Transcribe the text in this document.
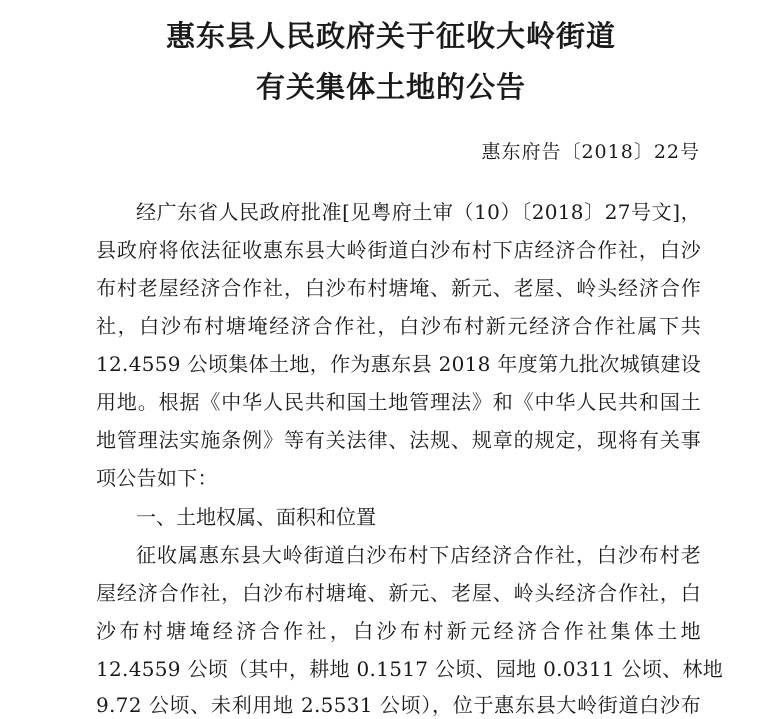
惠东县人民政府关于征收大岭街道
有关集体土地的公告
惠东府告〔2018〕22号
经广东省人民政府批准[见粤府土审（10）〔2018〕27号文]，
县政府将依法征收惠东县大岭街道白沙布村下店经济合作社，白沙
布村老屋经济合作社，白沙布村塘埯、新元、老屋、岭头经济合作
社，白沙布村塘埯经济合作社，白沙布村新元经济合作社属下共
12.4559 公顷集体土地，作为惠东县 2018 年度第九批次城镇建设
用地。根据《中华人民共和国土地管理法》和《中华人民共和国土
地管理法实施条例》等有关法律、法规、规章的规定，现将有关事
项公告如下：
一、土地权属、面积和位置
征收属惠东县大岭街道白沙布村下店经济合作社，白沙布村老
屋经济合作社，白沙布村塘埯、新元、老屋、岭头经济合作社，白
沙布村塘埯经济合作社，白沙布村新元经济合作社集体土地
12.4559 公顷（其中，耕地 0.1517 公顷、园地 0.0311 公顷、林地
9.72 公顷、未利用地 2.5531 公顷），位于惠东县大岭街道白沙布
